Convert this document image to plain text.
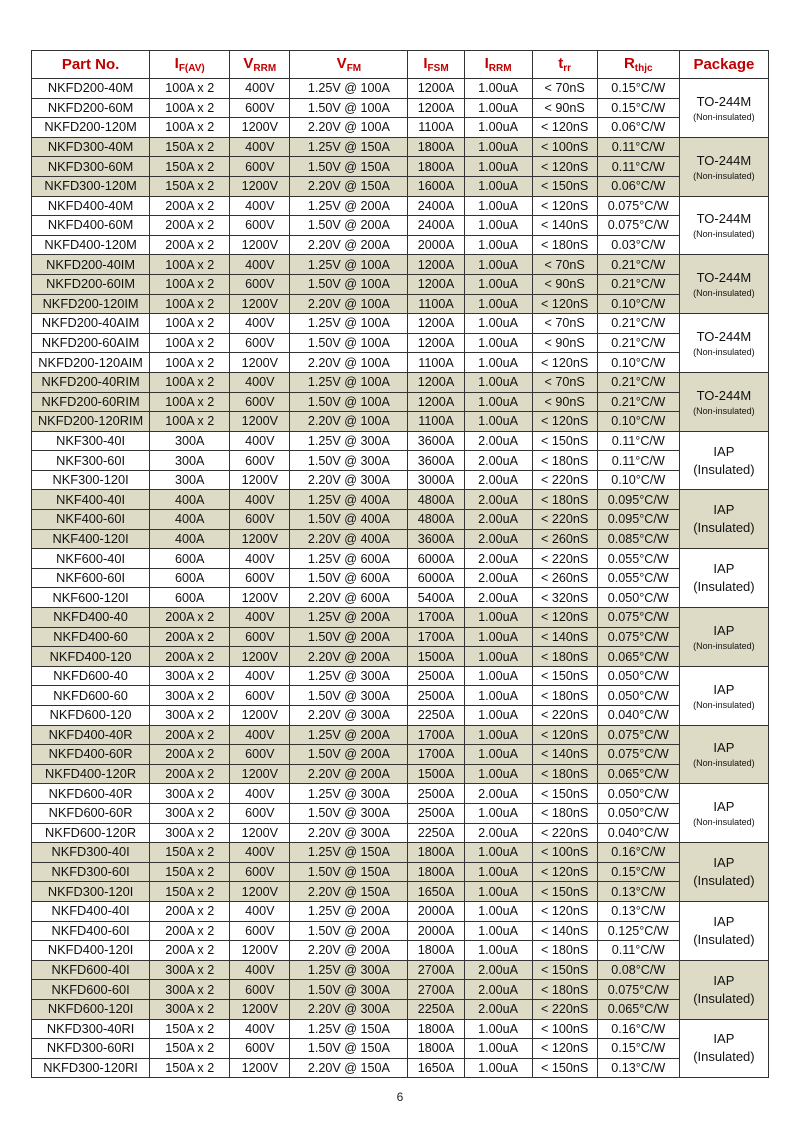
Part No.	$I_{F(AV)}$	$V_{RRM}$	$V_{FM}$	$I_{FSM}$	$I_{RRM}$	$t_{rr}$	$R_{thjc}$	Package
NKFD200-40M	100A x 2	400V	1.25V @ 100A	1200A	1.00uA	< 70nS	0.15°C/W	TO-244M
(Non-insulated)

NKFD200-60M	100A x 2	600V	1.50V @ 100A	1200A	1.00uA	< 90nS	0.15°C/W	
NKFD200-120M	100A x 2	1200V	2.20V @ 100A	1100A	1.00uA	< 120nS	0.06°C/W	
NKFD300-40M	150A x 2	400V	1.25V @ 150A	1800A	1.00uA	< 100nS	0.11°C/W	TO-244M
(Non-insulated)

NKFD300-60M	150A x 2	600V	1.50V @ 150A	1800A	1.00uA	< 120nS	0.11°C/W	
NKFD300-120M	150A x 2	1200V	2.20V @ 150A	1600A	1.00uA	< 150nS	0.06°C/W	
NKFD400-40M	200A x 2	400V	1.25V @ 200A	2400A	1.00uA	< 120nS	0.075°C/W	TO-244M
(Non-insulated)

NKFD400-60M	200A x 2	600V	1.50V @ 200A	2400A	1.00uA	< 140nS	0.075°C/W	
NKFD400-120M	200A x 2	1200V	2.20V @ 200A	2000A	1.00uA	< 180nS	0.03°C/W	
NKFD200-40IM	100A x 2	400V	1.25V @ 100A	1200A	1.00uA	< 70nS	0.21°C/W	TO-244M
(Non-insulated)

NKFD200-60IM	100A x 2	600V	1.50V @ 100A	1200A	1.00uA	< 90nS	0.21°C/W	
NKFD200-120IM	100A x 2	1200V	2.20V @ 100A	1100A	1.00uA	< 120nS	0.10°C/W	
NKFD200-40AIM	100A x 2	400V	1.25V @ 100A	1200A	1.00uA	< 70nS	0.21°C/W	TO-244M
(Non-insulated)

NKFD200-60AIM	100A x 2	600V	1.50V @ 100A	1200A	1.00uA	< 90nS	0.21°C/W	
NKFD200-120AIM	100A x 2	1200V	2.20V @ 100A	1100A	1.00uA	< 120nS	0.10°C/W	
NKFD200-40RIM	100A x 2	400V	1.25V @ 100A	1200A	1.00uA	< 70nS	0.21°C/W	TO-244M
(Non-insulated)

NKFD200-60RIM	100A x 2	600V	1.50V @ 100A	1200A	1.00uA	< 90nS	0.21°C/W	
NKFD200-120RIM	100A x 2	1200V	2.20V @ 100A	1100A	1.00uA	< 120nS	0.10°C/W	
NKF300-40I	300A	400V	1.25V @ 300A	3600A	2.00uA	< 150nS	0.11°C/W	IAP
(Insulated)

NKF300-60I	300A	600V	1.50V @ 300A	3600A	2.00uA	< 180nS	0.11°C/W	
NKF300-120I	300A	1200V	2.20V @ 300A	3000A	2.00uA	< 220nS	0.10°C/W	
NKF400-40I	400A	400V	1.25V @ 400A	4800A	2.00uA	< 180nS	0.095°C/W	IAP
(Insulated)

NKF400-60I	400A	600V	1.50V @ 400A	4800A	2.00uA	< 220nS	0.095°C/W	
NKF400-120I	400A	1200V	2.20V @ 400A	3600A	2.00uA	< 260nS	0.085°C/W	
NKF600-40I	600A	400V	1.25V @ 600A	6000A	2.00uA	< 220nS	0.055°C/W	IAP
(Insulated)

NKF600-60I	600A	600V	1.50V @ 600A	6000A	2.00uA	< 260nS	0.055°C/W	
NKF600-120I	600A	1200V	2.20V @ 600A	5400A	2.00uA	< 320nS	0.050°C/W	
NKFD400-40	200A x 2	400V	1.25V @ 200A	1700A	1.00uA	< 120nS	0.075°C/W	IAP
(Non-insulated)

NKFD400-60	200A x 2	600V	1.50V @ 200A	1700A	1.00uA	< 140nS	0.075°C/W	
NKFD400-120	200A x 2	1200V	2.20V @ 200A	1500A	1.00uA	< 180nS	0.065°C/W	
NKFD600-40	300A x 2	400V	1.25V @ 300A	2500A	1.00uA	< 150nS	0.050°C/W	IAP
(Non-insulated)

NKFD600-60	300A x 2	600V	1.50V @ 300A	2500A	1.00uA	< 180nS	0.050°C/W	
NKFD600-120	300A x 2	1200V	2.20V @ 300A	2250A	1.00uA	< 220nS	0.040°C/W	
NKFD400-40R	200A x 2	400V	1.25V @ 200A	1700A	1.00uA	< 120nS	0.075°C/W	IAP
(Non-insulated)

NKFD400-60R	200A x 2	600V	1.50V @ 200A	1700A	1.00uA	< 140nS	0.075°C/W	
NKFD400-120R	200A x 2	1200V	2.20V @ 200A	1500A	1.00uA	< 180nS	0.065°C/W	
NKFD600-40R	300A x 2	400V	1.25V @ 300A	2500A	2.00uA	< 150nS	0.050°C/W	IAP
(Non-insulated)

NKFD600-60R	300A x 2	600V	1.50V @ 300A	2500A	1.00uA	< 180nS	0.050°C/W	
NKFD600-120R	300A x 2	1200V	2.20V @ 300A	2250A	2.00uA	< 220nS	0.040°C/W	
NKFD300-40I	150A x 2	400V	1.25V @ 150A	1800A	1.00uA	< 100nS	0.16°C/W	IAP
(Insulated)

NKFD300-60I	150A x 2	600V	1.50V @ 150A	1800A	1.00uA	< 120nS	0.15°C/W	
NKFD300-120I	150A x 2	1200V	2.20V @ 150A	1650A	1.00uA	< 150nS	0.13°C/W	
NKFD400-40I	200A x 2	400V	1.25V @ 200A	2000A	1.00uA	< 120nS	0.13°C/W	IAP
(Insulated)

NKFD400-60I	200A x 2	600V	1.50V @ 200A	2000A	1.00uA	< 140nS	0.125°C/W	
NKFD400-120I	200A x 2	1200V	2.20V @ 200A	1800A	1.00uA	< 180nS	0.11°C/W	
NKFD600-40I	300A x 2	400V	1.25V @ 300A	2700A	2.00uA	< 150nS	0.08°C/W	IAP
(Insulated)

NKFD600-60I	300A x 2	600V	1.50V @ 300A	2700A	2.00uA	< 180nS	0.075°C/W	
NKFD600-120I	300A x 2	1200V	2.20V @ 300A	2250A	2.00uA	< 220nS	0.065°C/W	
NKFD300-40RI	150A x 2	400V	1.25V @ 150A	1800A	1.00uA	< 100nS	0.16°C/W	IAP
(Insulated)

NKFD300-60RI	150A x 2	600V	1.50V @ 150A	1800A	1.00uA	< 120nS	0.15°C/W	
NKFD300-120RI	150A x 2	1200V	2.20V @ 150A	1650A	1.00uA	< 150nS	0.13°C/W	
6
